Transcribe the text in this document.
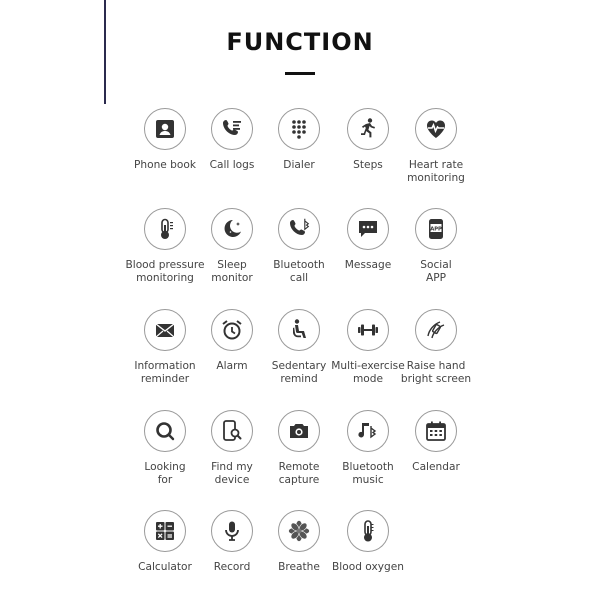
FUNCTION
Phone book	Call logs	Dialer	Steps	Heart rate
monitoring
Blood pressure
monitoring
Sleep
monitor
Bluetooth
call
Message
APP
Social
APP
Information
reminder
Alarm	Sedentary
remind
Multi-exercise
mode
Raise hand
bright screen
Looking
for
Find my
device
Remote
capture
Bluetooth
music
Calendar
Calculator	Record	Breathe	Blood oxygen
